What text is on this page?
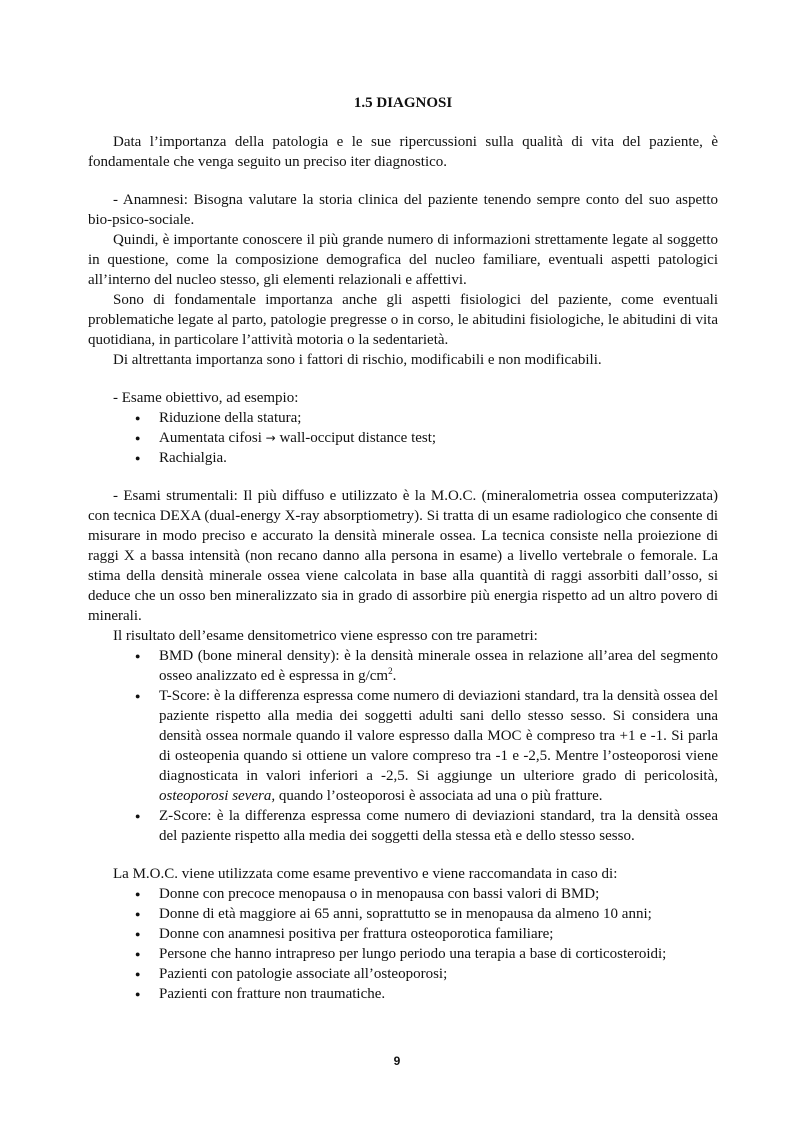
1.5 DIAGNOSI

Data l’importanza della patologia e le sue ripercussioni sulla qualità di vita del paziente, è fondamentale che venga seguito un preciso iter diagnostico.

- Anamnesi: Bisogna valutare la storia clinica del paziente tenendo sempre conto del suo aspetto bio-psico-sociale.

Quindi, è importante conoscere il più grande numero di informazioni strettamente legate al soggetto in questione, come la composizione demografica del nucleo familiare, eventuali aspetti patologici all’interno del nucleo stesso, gli elementi relazionali e affettivi.

Sono di fondamentale importanza anche gli aspetti fisiologici del paziente, come eventuali problematiche legate al parto, patologie pregresse o in corso, le abitudini fisiologiche, le abitudini di vita quotidiana, in particolare l’attività motoria o la sedentarietà.

Di altrettanta importanza sono i fattori di rischio, modificabili e non modificabili.

- Esame obiettivo, ad esempio:

● Riduzione della statura;
● Aumentata cifosi → wall-occiput distance test;
● Rachialgia.

- Esami strumentali: Il più diffuso e utilizzato è la M.O.C. (mineralometria ossea computerizzata) con tecnica DEXA (dual-energy X-ray absorptiometry). Si tratta di un esame radiologico che consente di misurare in modo preciso e accurato la densità minerale ossea. La tecnica consiste nella proiezione di raggi X a bassa intensità (non recano danno alla persona in esame) a livello vertebrale o femorale. La stima della densità minerale ossea viene calcolata in base alla quantità di raggi assorbiti dall’osso, si deduce che un osso ben mineralizzato sia in grado di assorbire più energia rispetto ad un altro povero di minerali.

Il risultato dell’esame densitometrico viene espresso con tre parametri:

● BMD (bone mineral density): è la densità minerale ossea in relazione all’area del segmento osseo analizzato ed è espressa in $g/cm^2$.
● T-Score: è la differenza espressa come numero di deviazioni standard, tra la densità ossea del paziente rispetto alla media dei soggetti adulti sani dello stesso sesso. Si considera una densità ossea normale quando il valore espresso dalla MOC è compreso tra +1 e -1. Si parla di osteopenia quando si ottiene un valore compreso tra -1 e -2,5. Mentre l’osteoporosi viene diagnosticata in valori inferiori a -2,5. Si aggiunge un ulteriore grado di pericolosità, osteoporosi severa, quando l’osteoporosi è associata ad una o più fratture.
● Z-Score: è la differenza espressa come numero di deviazioni standard, tra la densità ossea del paziente rispetto alla media dei soggetti della stessa età e dello stesso sesso.

La M.O.C. viene utilizzata come esame preventivo e viene raccomandata in caso di:

● Donne con precoce menopausa o in menopausa con bassi valori di BMD;
● Donne di età maggiore ai 65 anni, soprattutto se in menopausa da almeno 10 anni;
● Donne con anamnesi positiva per frattura osteoporotica familiare;
● Persone che hanno intrapreso per lungo periodo una terapia a base di corticosteroidi;
● Pazienti con patologie associate all’osteoporosi;
● Pazienti con fratture non traumatiche.
9
